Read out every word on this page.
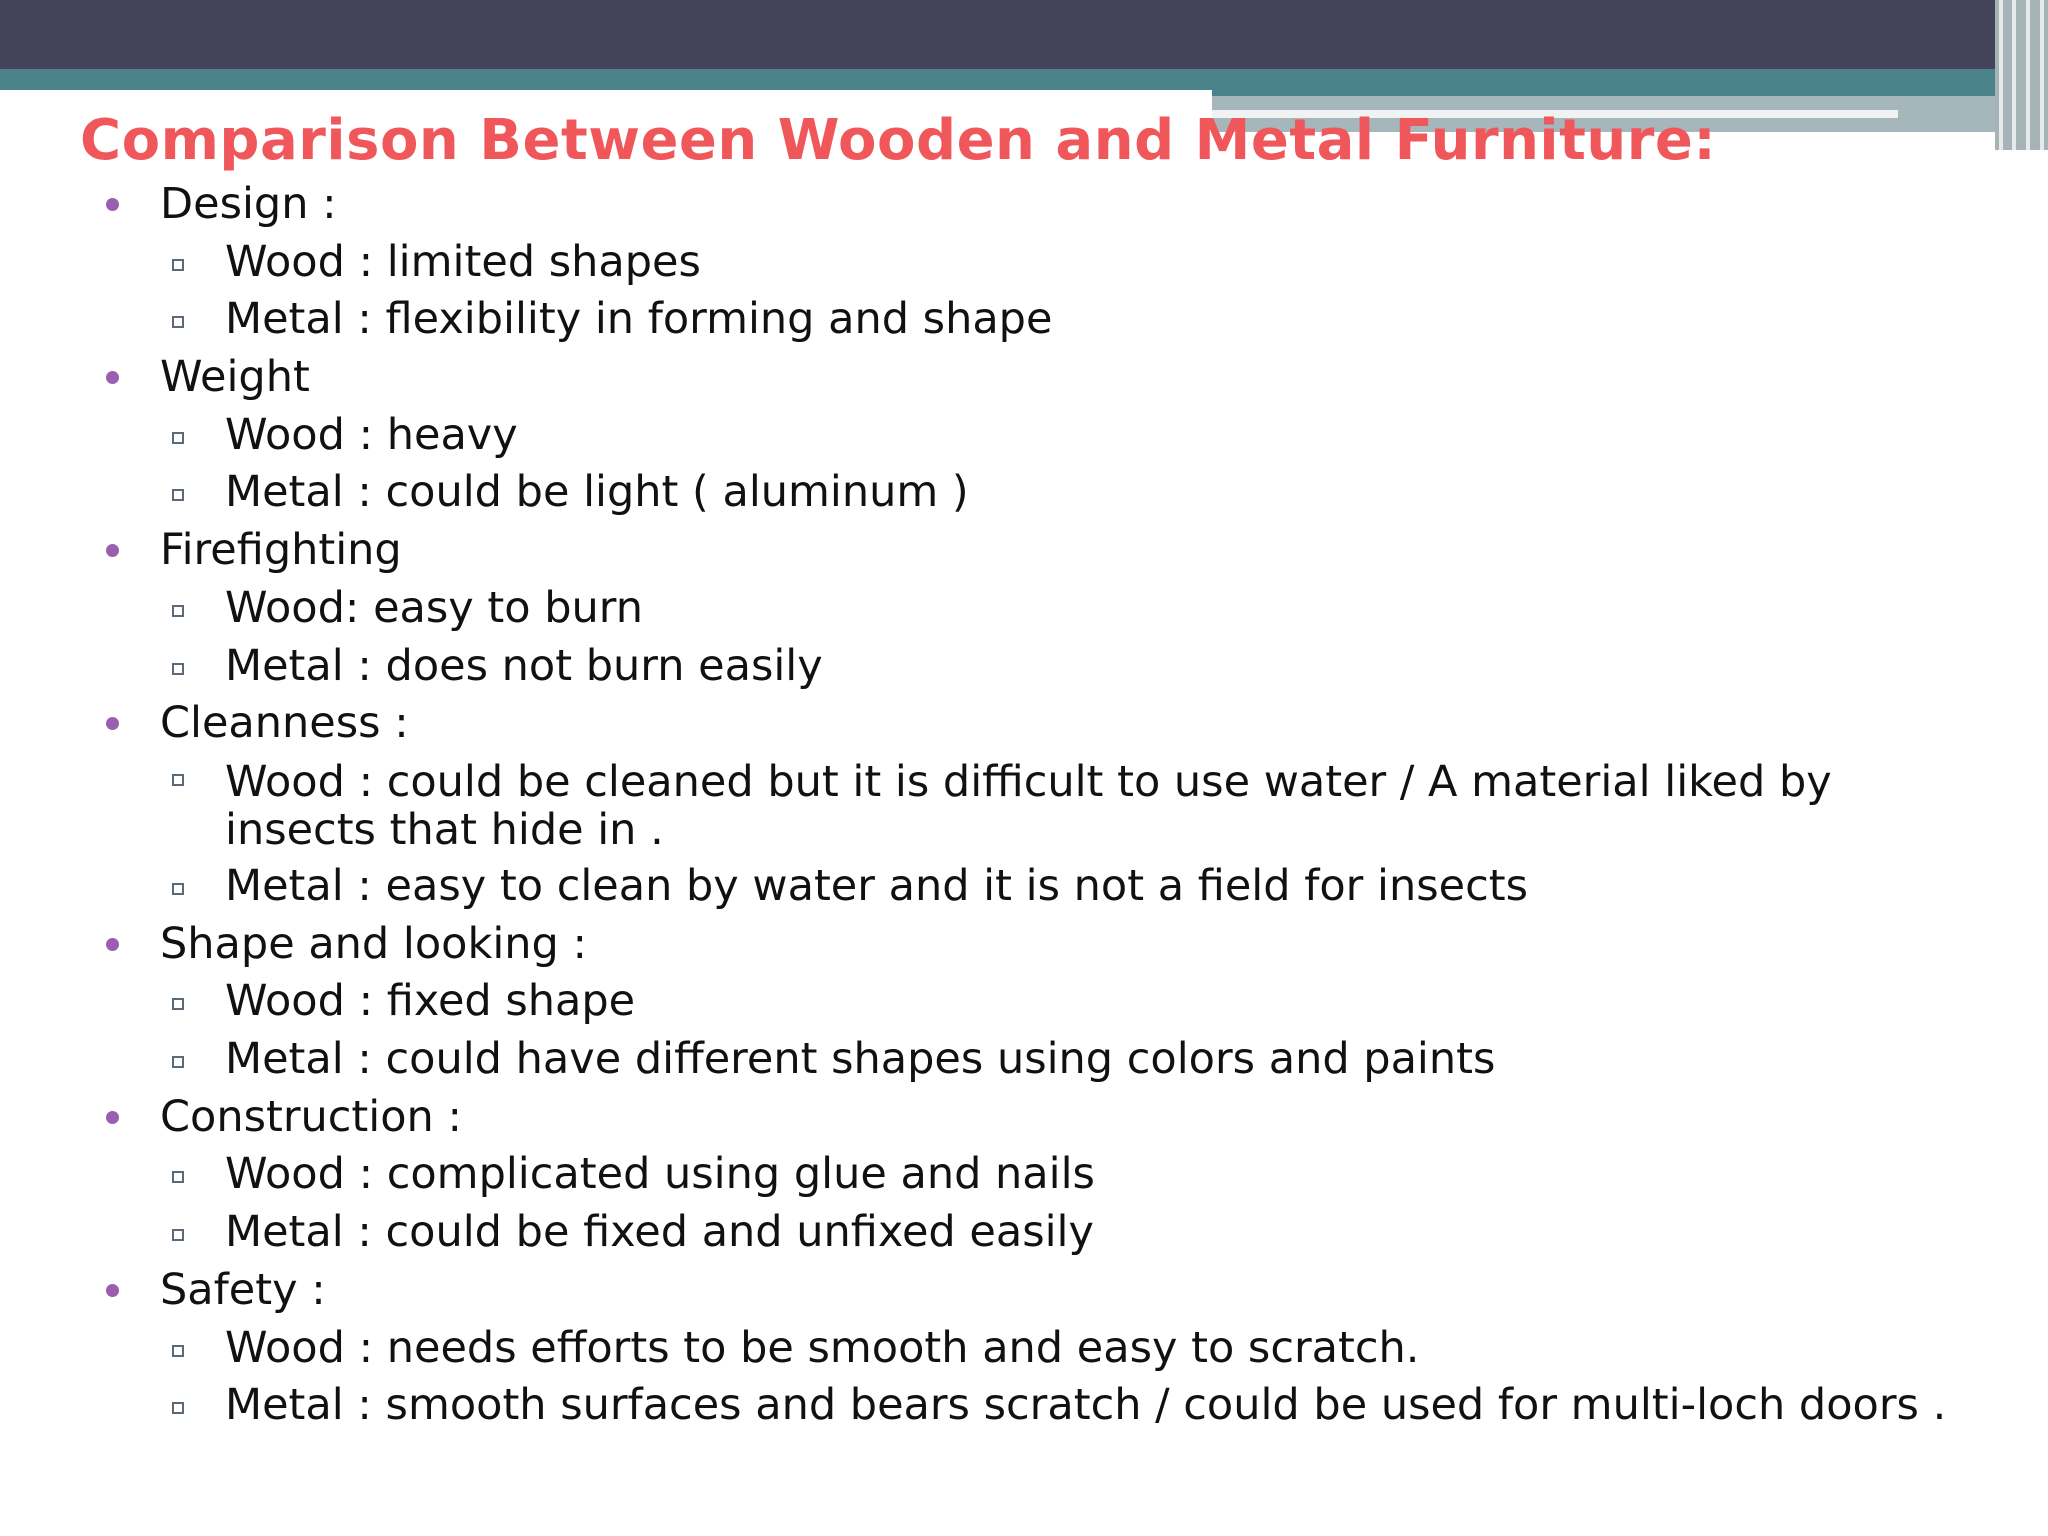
Comparison Between Wooden and Metal Furniture:
Design :
Wood : limited shapes
Metal : flexibility in forming and shape
Weight
Wood : heavy
Metal : could be light ( aluminum )
Firefighting
Wood: easy to burn
Metal : does not burn easily
Cleanness :
Wood : could be cleaned but it is difficult to use water / A material liked by insects that hide in .
Metal : easy to clean by water and it is not a field for insects
Shape and looking :
Wood : fixed shape
Metal : could have different shapes using colors and paints
Construction :
Wood : complicated using glue and nails
Metal : could be fixed and unfixed easily
Safety :
Wood : needs efforts to be smooth and easy to scratch.
Metal : smooth surfaces and bears scratch / could be used for multi-loch doors .
